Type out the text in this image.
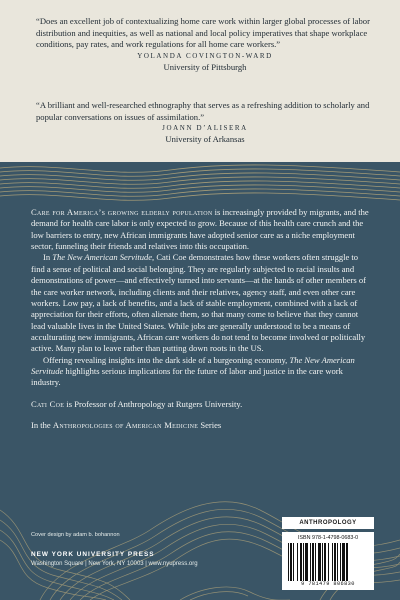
“Does an excellent job of contextualizing home care work within larger global processes of labor distribution and inequities, as well as national and local policy imperatives that shape workplace conditions, pay rates, and work regulations for all home care workers.”
YOLANDA COVINGTON-WARD
University of Pittsburgh
“A brilliant and well-researched ethnography that serves as a refreshing addition to scholarly and popular conversations on issues of assimilation.”
JOANN D’ALISERA
University of Arkansas

Care for America’s growing elderly population is increasingly provided by migrants, and the demand for health care labor is only expected to grow. Because of this health care crunch and the low barriers to entry, new African immigrants have adopted senior care as a niche employment sector, funneling their friends and relatives into this occupation.

In The New American Servitude, Cati Coe demonstrates how these workers often struggle to find a sense of political and social belonging. They are regularly subjected to racial insults and demonstrations of power—and effectively turned into servants—at the hands of other members of the care worker network, including clients and their relatives, agency staff, and even other care workers. Low pay, a lack of benefits, and a lack of stable employment, combined with a lack of appreciation for their efforts, often alienate them, so that many come to believe that they cannot lead valuable lives in the United States. While jobs are generally understood to be a means of acculturating new immigrants, African care workers do not tend to become involved or politically active. Many plan to leave rather than putting down roots in the US.

Offering revealing insights into the dark side of a burgeoning economy, The New American Servitude highlights serious implications for the future of labor and justice in the care work industry.

Cati Coe is Professor of Anthropology at Rutgers University.

In the Anthropologies of American Medicine Series

Cover design by adam b. bohannon
NEW YORK UNIVERSITY PRESS
Washington Square | New York, NY 10003 | www.nyupress.org
ANTHROPOLOGY
ISBN 978-1-4798-0683-0
9 781479 806830
